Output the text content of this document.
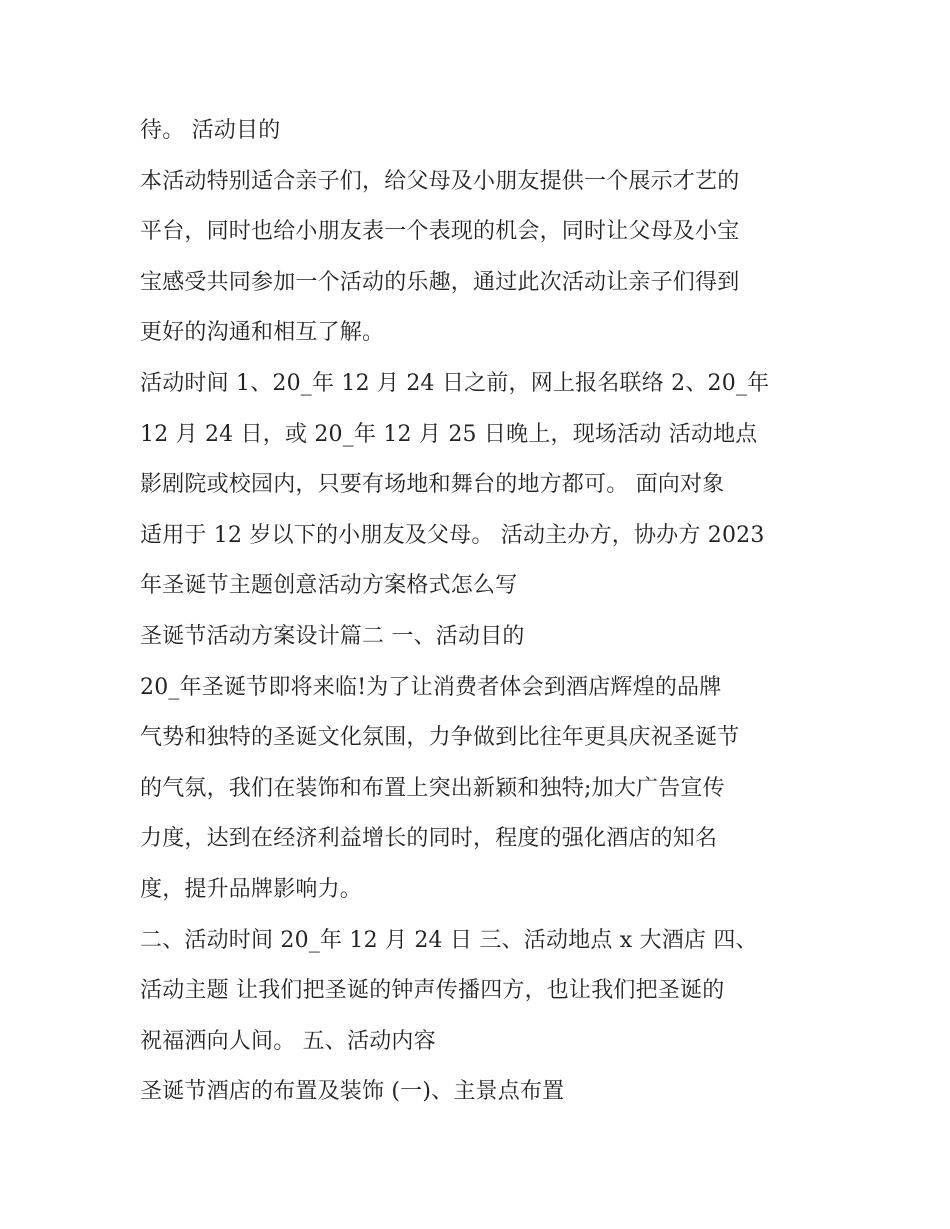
待。 活动目的
本活动特别适合亲子们，给父母及小朋友提供一个展示才艺的
平台，同时也给小朋友表一个表现的机会，同时让父母及小宝
宝感受共同参加一个活动的乐趣，通过此次活动让亲子们得到
更好的沟通和相互了解。
活动时间 1、20_年 12 月 24 日之前，网上报名联络 2、20_年
12 月 24 日，或 20_年 12 月 25 日晚上，现场活动 活动地点
影剧院或校园内，只要有场地和舞台的地方都可。 面向对象
适用于 12 岁以下的小朋友及父母。 活动主办方，协办方 2023
年圣诞节主题创意活动方案格式怎么写
圣诞节活动方案设计篇二 一、活动目的
20_年圣诞节即将来临!为了让消费者体会到酒店辉煌的品牌
气势和独特的圣诞文化氛围，力争做到比往年更具庆祝圣诞节
的气氛，我们在装饰和布置上突出新颖和独特;加大广告宣传
力度，达到在经济利益增长的同时，程度的强化酒店的知名
度，提升品牌影响力。
二、活动时间 20_年 12 月 24 日 三、活动地点 x 大酒店 四、
活动主题 让我们把圣诞的钟声传播四方，也让我们把圣诞的
祝福洒向人间。 五、活动内容
圣诞节酒店的布置及装饰 (一)、主景点布置
